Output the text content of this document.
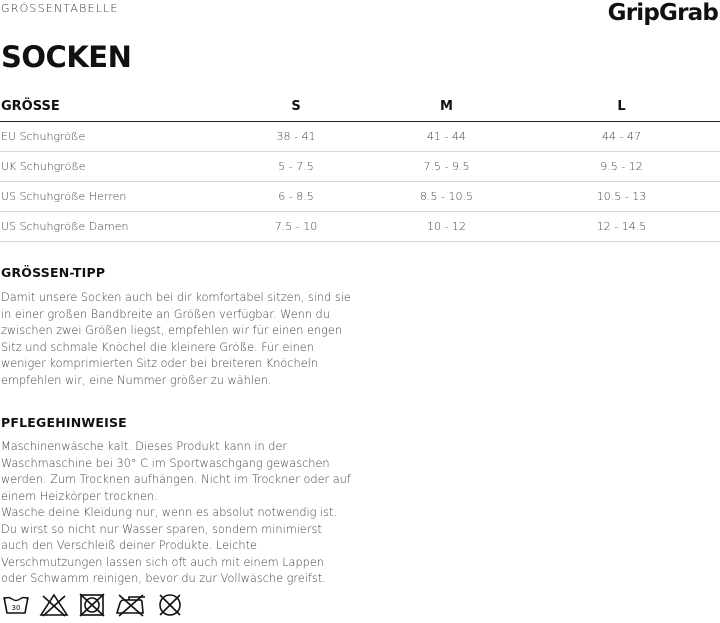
GRÖSSENTABELLE	GripGrab
SOCKEN
GRÖSSE	S	M	L
EU Schuhgröße	38 - 41	41 - 44	44 - 47
UK Schuhgröße	5 - 7.5	7.5 - 9.5	9.5 - 12
US Schuhgröße Herren	6 - 8.5	8.5 - 10.5	10.5 - 13
US Schuhgröße Damen	7.5 - 10	10 - 12	12 - 14.5
GRÖSSEN-TIPP

Damit unsere Socken auch bei dir komfortabel sitzen, sind sie in einer großen Bandbreite an Größen verfügbar. Wenn du zwischen zwei Größen liegst, empfehlen wir für einen engen Sitz und schmale Knöchel die kleinere Größe. Für einen weniger komprimierten Sitz oder bei breiteren Knöcheln empfehlen wir, eine Nummer größer zu wählen.

PFLEGEHINWEISE

Maschinenwäsche kalt. Dieses Produkt kann in der Waschmaschine bei 30° C im Sportwaschgang gewaschen werden. Zum Trocknen aufhängen. Nicht im Trockner oder auf einem Heizkörper trocknen.

Wasche deine Kleidung nur, wenn es absolut notwendig ist. Du wirst so nicht nur Wasser sparen, sondern minimierst auch den Verschleiß deiner Produkte. Leichte Verschmutzungen lassen sich oft auch mit einem Lappen oder Schwamm reinigen, bevor du zur Vollwäsche greifst.

30
